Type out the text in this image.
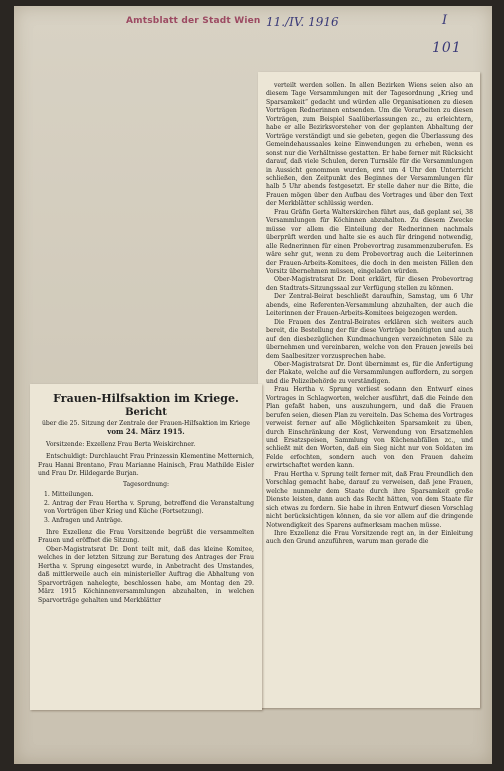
Amtsblatt der Stadt Wien 11./IV. 1916	I
101

verteilt werden sollen. In allen Bezirken Wiens seien also an diesem Tage Versammlungen mit der Tagesordnung „Krieg und Sparsamkeit“ gedacht und würden alle Organisationen zu diesen Vorträgen Rednerinnen entsenden. Um die Vorarbeiten zu diesen Vorträgen, zum Beispiel Saalüberlassungen zc., zu erleichtern, habe er alle Bezirksvorsteher von der geplanten Abhaltung der Vorträge verständigt und sie gebeten, gegen die Überlassung des Gemeindehaussaales keine Einwendungen zu erheben, wenn es sonst nur die Verhältnisse gestatten. Er habe ferner mit Rücksicht darauf, daß viele Schulen, deren Turnsäle für die Versammlungen in Aussicht genommen wurden, erst um 4 Uhr den Unterricht schließen, den Zeitpunkt des Beginnes der Versammlungen für halb 5 Uhr abends festgesetzt. Er stelle daher nur die Bitte, die Frauen mögen über den Aufbau des Vortrages und über den Text der Merkblätter schlüssig werden.

Frau Gräfin Gerta Walterskirchen führt aus, daß geplant sei, 38 Versammlungen für Köchinnen abzuhalten. Zu diesem Zwecke müsse vor allem die Einteilung der Rednerinnen nachmals überprüft werden und halte sie es auch für dringend notwendig, alle Rednerinnen für einen Probevortrag zusammenzuberufen. Es wäre sehr gut, wenn zu dem Probevortrag auch die Leiterinnen der Frauen-Arbeits-Komitees, die doch in den meisten Fällen den Vorsitz übernehmen müssen, eingeladen würden.

Ober-Magistratsrat Dr. Dont erklärt, für diesen Probevortrag den Stadtrats-Sitzungssaal zur Verfügung stellen zu können.

Der Zentral-Beirat beschließt daraufhin, Samstag, um 6 Uhr abends, eine Referenten-Versammlung abzuhalten, der auch die Leiterinnen der Frauen-Arbeits-Komitees beigezogen werden.

Die Frauen des Zentral-Beirates erklären sich weiters auch bereit, die Bestellung der für diese Vorträge benötigten und auch auf den diesbezüglichen Kundmachungen verzeichneten Säle zu übernehmen und vereinbaren, welche von den Frauen jeweils bei dem Saalbesitzer vorzusprechen habe.

Ober-Magistratsrat Dr. Dont übernimmt es, für die Anfertigung der Plakate, welche auf die Versammlungen auffordern, zu sorgen und die Polizeibehörde zu verständigen.

Frau Hertha v. Sprung verliest sodann den Entwurf eines Vortrages in Schlagworten, welcher ausführt, daß die Feinde den Plan gefaßt haben, uns auszuhungern, und daß die Frauen berufen seien, diesen Plan zu vereiteln. Das Schema des Vortrages verweist ferner auf alle Möglichkeiten Sparsamkeit zu üben, durch Einschränkung der Kost, Verwendung von Ersatzmehlen und Ersatzspeisen, Sammlung von Küchenabfällen zc., und schließt mit den Worten, daß ein Sieg nicht nur von Soldaten im Felde erfochten, sondern auch von den Frauen daheim erwirtschaftet werden kann.

Frau Hertha v. Sprung teilt ferner mit, daß Frau Freundlich den Vorschlag gemacht habe, darauf zu verweisen, daß jene Frauen, welche nunmehr dem Staate durch ihre Sparsamkeit große Dienste leisten, dann auch das Recht hätten, von dem Staate für sich etwas zu fordern. Sie habe in ihren Entwurf diesen Vorschlag nicht berücksichtigen können, da sie vor allem auf die dringende Notwendigkeit des Sparens aufmerksam machen müsse.

Ihre Exzellenz die Frau Vorsitzende regt an, in der Einleitung auch den Grund anzuführen, warum man gerade die

Frauen-Hilfsaktion im Kriege.
Bericht

über die 25. Sitzung der Zentrale der Frauen-Hilfsaktion im Kriege

vom 24. März 1915.

Vorsitzende: Exzellenz Frau Berta Weiskirchner.

Entschuldigt: Durchlaucht Frau Prinzessin Klementine Metternich, Frau Hanni Brentano, Frau Marianne Hainisch, Frau Mathilde Eisler und Frau Dr. Hildegarde Burjan.

Tagesordnung:

1. Mitteilungen.

2. Antrag der Frau Hertha v. Sprung, betreffend die Veranstaltung von Vorträgen über Krieg und Küche (Fortsetzung).

3. Anfragen und Anträge.

Ihre Exzellenz die Frau Vorsitzende begrüßt die versammelten Frauen und eröffnet die Sitzung.

Ober-Magistratsrat Dr. Dont teilt mit, daß das kleine Komitee, welches in der letzten Sitzung zur Beratung des Antrages der Frau Hertha v. Sprung eingesetzt wurde, in Anbetracht des Umstandes, daß mittlerweile auch ein ministerieller Auftrag die Abhaltung von Sparvorträgen nahelegte, beschlossen habe, am Montag den 29. März 1915 Köchinnenversammlungen abzuhalten, in welchen Sparvorträge gehalten und Merkblätter
